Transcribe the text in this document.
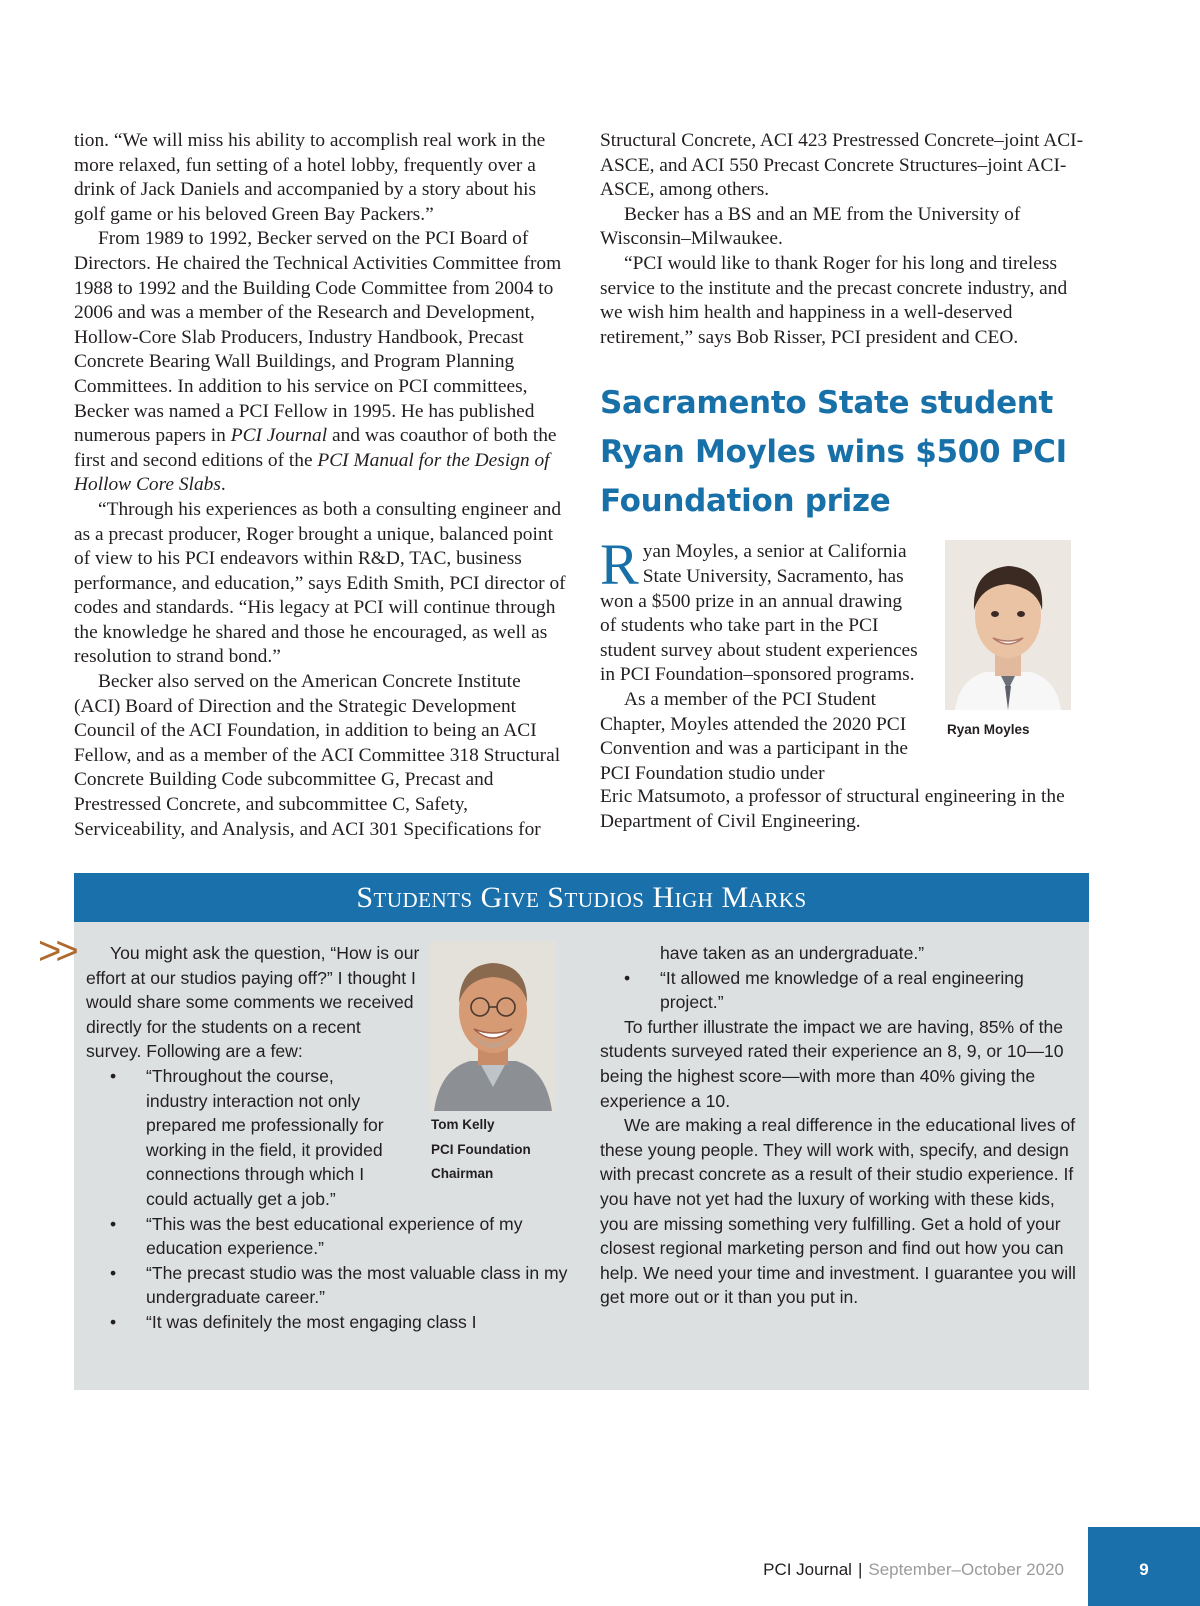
tion. “We will miss his ability to accomplish real work in the more relaxed, fun setting of a hotel lobby, frequently over a drink of Jack Daniels and accompanied by a story about his golf game or his beloved Green Bay Packers.”

From 1989 to 1992, Becker served on the PCI Board of Directors. He chaired the Technical Activities Committee from 1988 to 1992 and the Building Code Committee from 2004 to 2006 and was a member of the Research and Development, Hollow-Core Slab Producers, Industry Handbook, Precast Concrete Bearing Wall Buildings, and Program Planning Committees. In addition to his service on PCI committees, Becker was named a PCI Fellow in 1995. He has published numerous papers in PCI Journal and was coauthor of both the first and second editions of the PCI Manual for the Design of Hollow Core Slabs.

“Through his experiences as both a consulting engineer and as a precast producer, Roger brought a unique, balanced point of view to his PCI endeavors within R&D, TAC, business performance, and education,” says Edith Smith, PCI director of codes and standards. “His legacy at PCI will continue through the knowledge he shared and those he encouraged, as well as resolution to strand bond.”

Becker also served on the American Concrete Institute (ACI) Board of Direction and the Strategic Development Council of the ACI Foundation, in addition to being an ACI Fellow, and as a member of the ACI Committee 318 Structural Concrete Building Code subcommittee G, Precast and Prestressed Concrete, and subcommittee C, Safety, Serviceability, and Analysis, and ACI 301 Specifications for

Structural Concrete, ACI 423 Prestressed Concrete–joint ACI-ASCE, and ACI 550 Precast Concrete Structures–joint ACI-ASCE, among others.

Becker has a BS and an ME from the University of Wisconsin–Milwaukee.

“PCI would like to thank Roger for his long and tireless service to the institute and the precast concrete industry, and we wish him health and happiness in a well-deserved retirement,” says Bob Risser, PCI president and CEO.

Sacramento State student Ryan Moyles wins $500 PCI Foundation prize

Ryan Moyles, a senior at California State University, Sacramento, has won a $500 prize in an annual drawing of students who take part in the PCI student survey about student experiences in PCI Foundation–sponsored programs.

As a member of the PCI Student Chapter, Moyles attended the 2020 PCI Convention and was a participant in the PCI Foundation studio under

Ryan Moyles

Eric Matsumoto, a professor of structural engineering in the Department of Civil Engineering.

Students Give Studios High Marks
>>	You might ask the question, “How is our effort at our studios paying off?” I thought I would share some comments we received directly for the students on a recent survey. Following are a few:

• “Throughout the course, industry interaction not only prepared me professionally for working in the field, it provided connections through which I could actually get a job.”
• “This was the best educational experience of my education experience.”
• “The precast studio was the most valuable class in my undergraduate career.”
• “It was definitely the most engaging class I
Tom Kelly
PCI Foundation
Chairman

have taken as an undergraduate.”

• “It allowed me knowledge of a real engineering project.”

To further illustrate the impact we are having, 85% of the students surveyed rated their experience an 8, 9, or 10—10 being the highest score—with more than 40% giving the experience a 10.

We are making a real difference in the educational lives of these young people. They will work with, specify, and design with precast concrete as a result of their studio experience. If you have not yet had the luxury of working with these kids, you are missing something very fulfilling. Get a hold of your closest regional marketing person and find out how you can help. We need your time and investment. I guarantee you will get more out or it than you put in.

PCI Journal | September–October 2020	9
